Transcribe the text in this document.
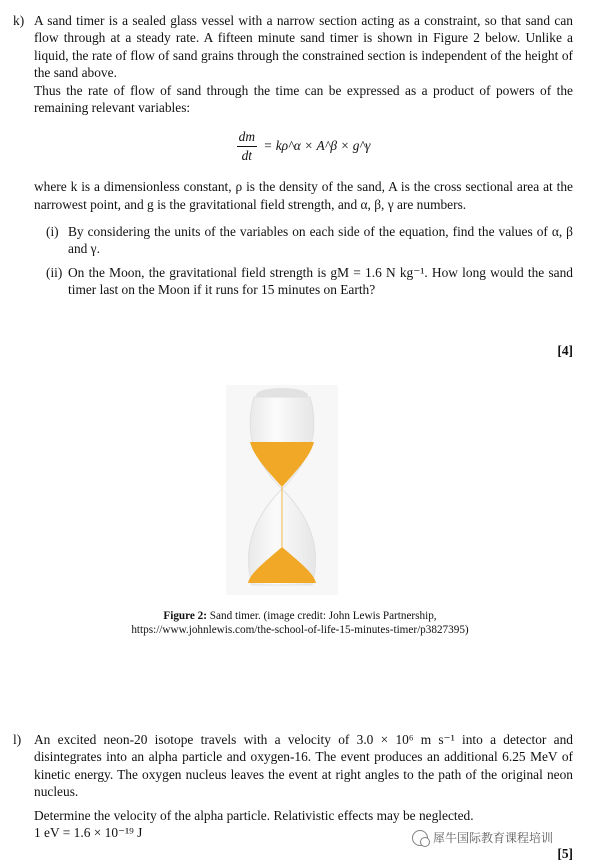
k) A sand timer is a sealed glass vessel with a narrow section acting as a constraint, so that sand can flow through at a steady rate. A fifteen minute sand timer is shown in Figure 2 below. Unlike a liquid, the rate of flow of sand grains through the constrained section is independent of the height of the sand above.

Thus the rate of flow of sand through the time can be expressed as a product of powers of the remaining relevant variables:

$\frac{dm}{dt}$ = kρ^α × A^β × g^γ

where k is a dimensionless constant, ρ is the density of the sand, A is the cross sectional area at the narrowest point, and g is the gravitational field strength, and α, β, γ are numbers.

(i) By considering the units of the variables on each side of the equation, find the values of α, β and γ.
(ii) On the Moon, the gravitational field strength is gM = 1.6 N kg⁻¹. How long would the sand timer last on the Moon if it runs for 15 minutes on Earth?
[4]
Figure 2: Sand timer. (image credit: John Lewis Partnership,
https://www.johnlewis.com/the-school-of-life-15-minutes-timer/p3827395)
l) An excited neon-20 isotope travels with a velocity of 3.0 × 10⁶ m s⁻¹ into a detector and disintegrates into an alpha particle and oxygen-16. The event produces an additional 6.25 MeV of kinetic energy. The oxygen nucleus leaves the event at right angles to the path of the original neon nucleus.

Determine the velocity of the alpha particle. Relativistic effects may be neglected.

1 eV = 1.6 × 10⁻¹⁹ J	犀牛国际教育课程培训
[5]
